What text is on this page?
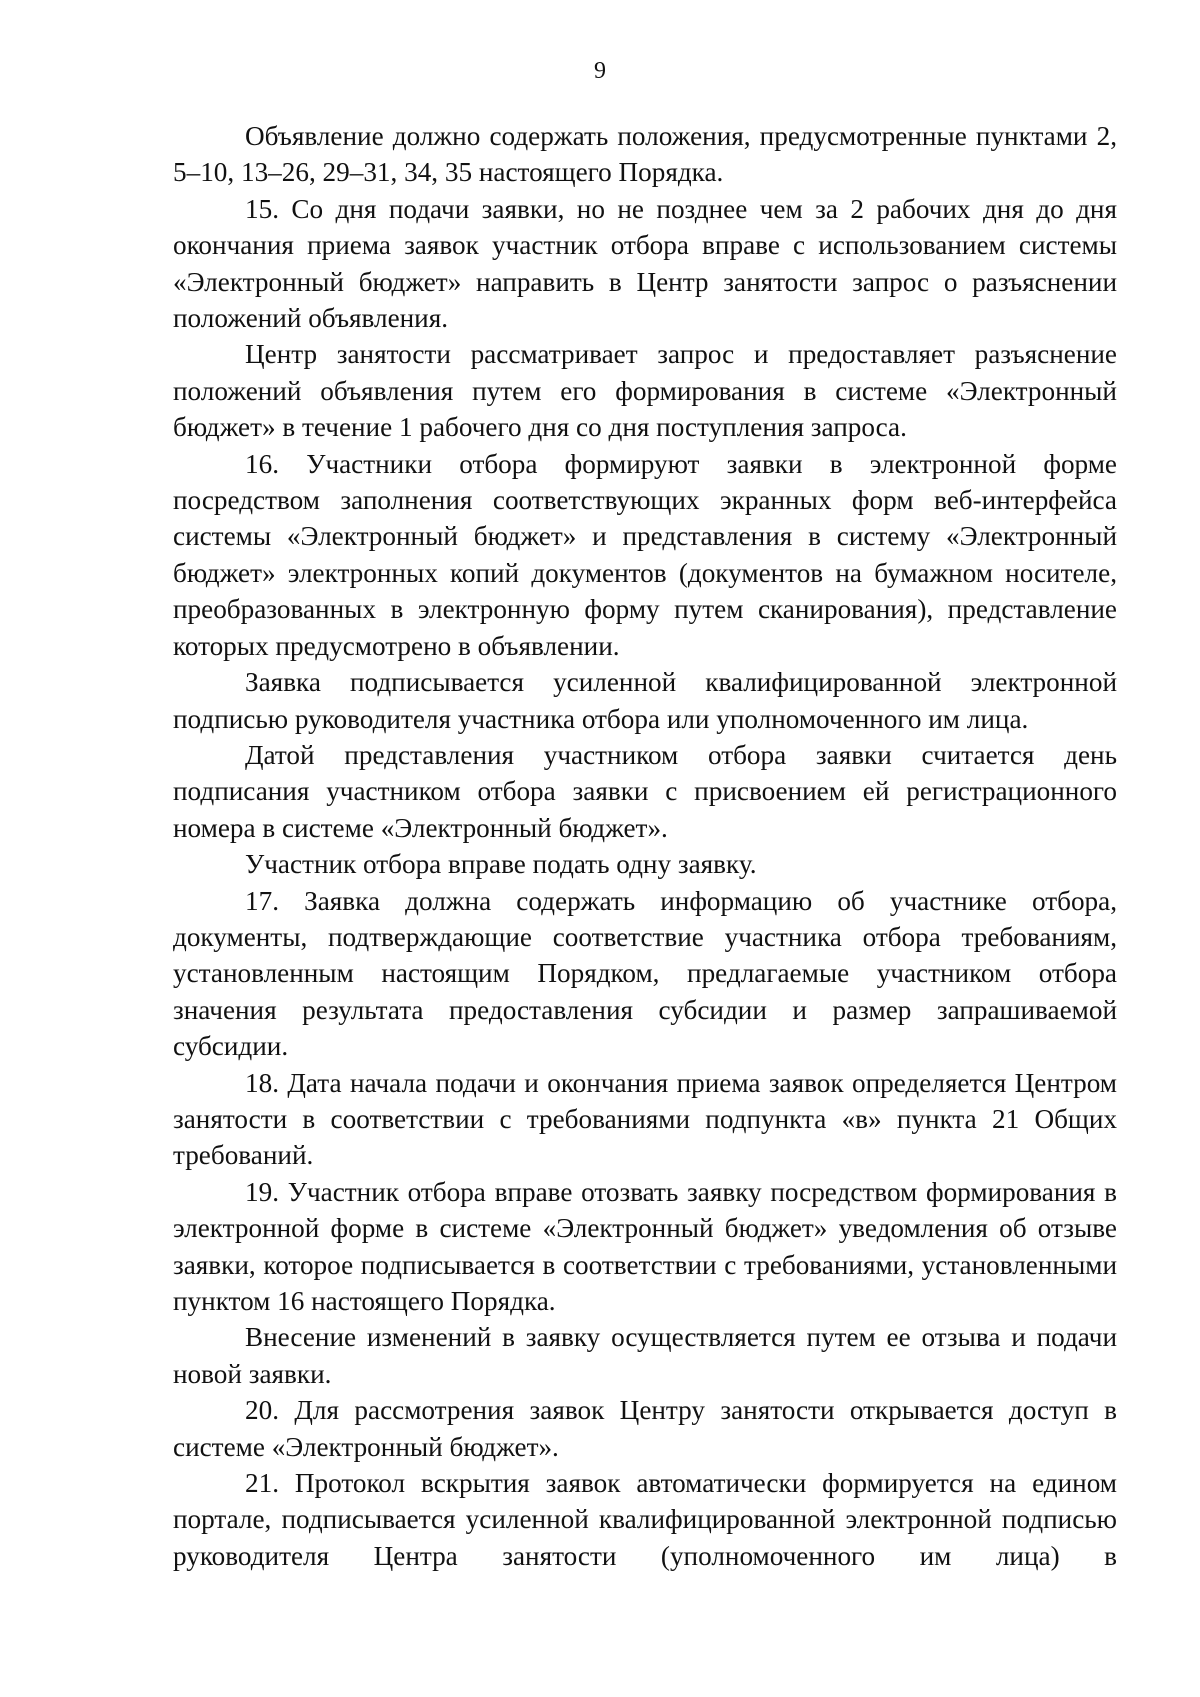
9

Объявление должно содержать положения, предусмотренные пунктами 2, 5–10, 13–26, 29–31, 34, 35 настоящего Порядка.

15. Со дня подачи заявки, но не позднее чем за 2 рабочих дня до дня окончания приема заявок участник отбора вправе с использованием системы «Электронный бюджет» направить в Центр занятости запрос о разъяснении положений объявления.

Центр занятости рассматривает запрос и предоставляет разъяснение положений объявления путем его формирования в системе «Электронный бюджет» в течение 1 рабочего дня со дня поступления запроса.

16. Участники отбора формируют заявки в электронной форме посредством заполнения соответствующих экранных форм веб-интерфейса системы «Электронный бюджет» и представления в систему «Электронный бюджет» электронных копий документов (документов на бумажном носителе, преобразованных в электронную форму путем сканирования), представление которых предусмотрено в объявлении.

Заявка подписывается усиленной квалифицированной электронной подписью руководителя участника отбора или уполномоченного им лица.

Датой представления участником отбора заявки считается день подписания участником отбора заявки с присвоением ей регистрационного номера в системе «Электронный бюджет».

Участник отбора вправе подать одну заявку.

17. Заявка должна содержать информацию об участнике отбора, документы, подтверждающие соответствие участника отбора требованиям, установленным настоящим Порядком, предлагаемые участником отбора значения результата предоставления субсидии и размер запрашиваемой субсидии.

18. Дата начала подачи и окончания приема заявок определяется Центром занятости в соответствии с требованиями подпункта «в» пункта 21 Общих требований.

19. Участник отбора вправе отозвать заявку посредством формирования в электронной форме в системе «Электронный бюджет» уведомления об отзыве заявки, которое подписывается в соответствии с требованиями, установленными пунктом 16 настоящего Порядка.

Внесение изменений в заявку осуществляется путем ее отзыва и подачи новой заявки.

20. Для рассмотрения заявок Центру занятости открывается доступ в системе «Электронный бюджет».

21. Протокол вскрытия заявок автоматически формируется на едином портале, подписывается усиленной квалифицированной электронной подписью руководителя Центра занятости (уполномоченного им лица) в
